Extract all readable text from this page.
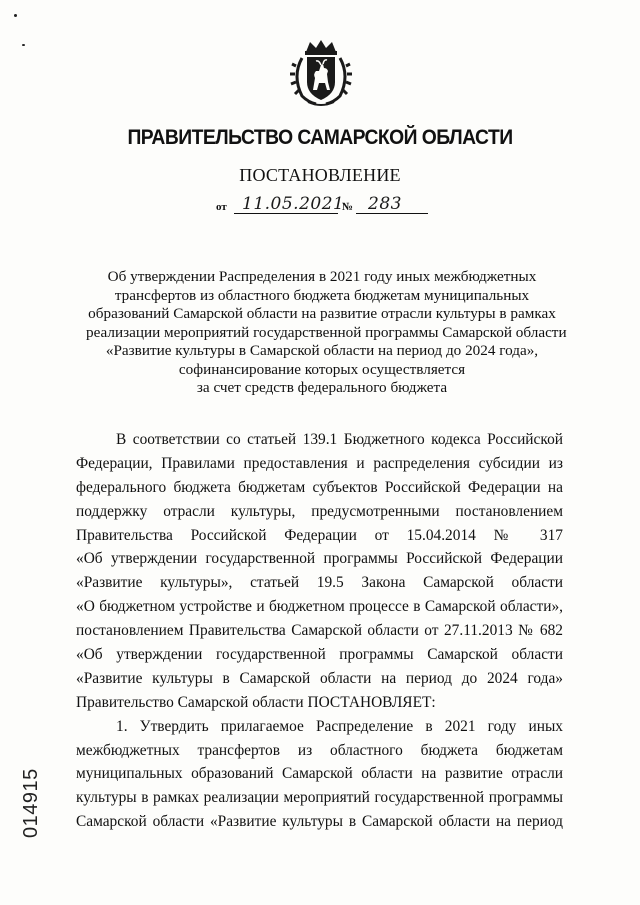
ПРАВИТЕЛЬСТВО САМАРСКОЙ ОБЛАСТИ
ПОСТАНОВЛЕНИЕ
от 11.05.2021
№ 283
Об утверждении Распределения в 2021 году иных межбюджетных
трансфертов из областного бюджета бюджетам муниципальных
образований Самарской области на развитие отрасли культуры в рамках
реализации мероприятий государственной программы Самарской области
«Развитие культуры в Самарской области на период до 2024 года»,
софинансирование которых осуществляется
за счет средств федерального бюджета
В соответствии со статьей 139.1 Бюджетного кодекса Российской
Федерации, Правилами предоставления и распределения субсидии из
федерального бюджета бюджетам субъектов Российской Федерации на
поддержку отрасли культуры, предусмотренными постановлением
Правительства Российской Федерации от 15.04.2014 № 317
«Об утверждении государственной программы Российской Федерации
«Развитие культуры», статьей 19.5 Закона Самарской области
«О бюджетном устройстве и бюджетном процессе в Самарской области»,
постановлением Правительства Самарской области от 27.11.2013 № 682
«Об утверждении государственной программы Самарской области
«Развитие культуры в Самарской области на период до 2024 года»
Правительство Самарской области ПОСТАНОВЛЯЕТ:
1. Утвердить прилагаемое Распределение в 2021 году иных
межбюджетных трансфертов из областного бюджета бюджетам
муниципальных образований Самарской области на развитие отрасли
культуры в рамках реализации мероприятий государственной программы
Самарской области «Развитие культуры в Самарской области на период
014915
